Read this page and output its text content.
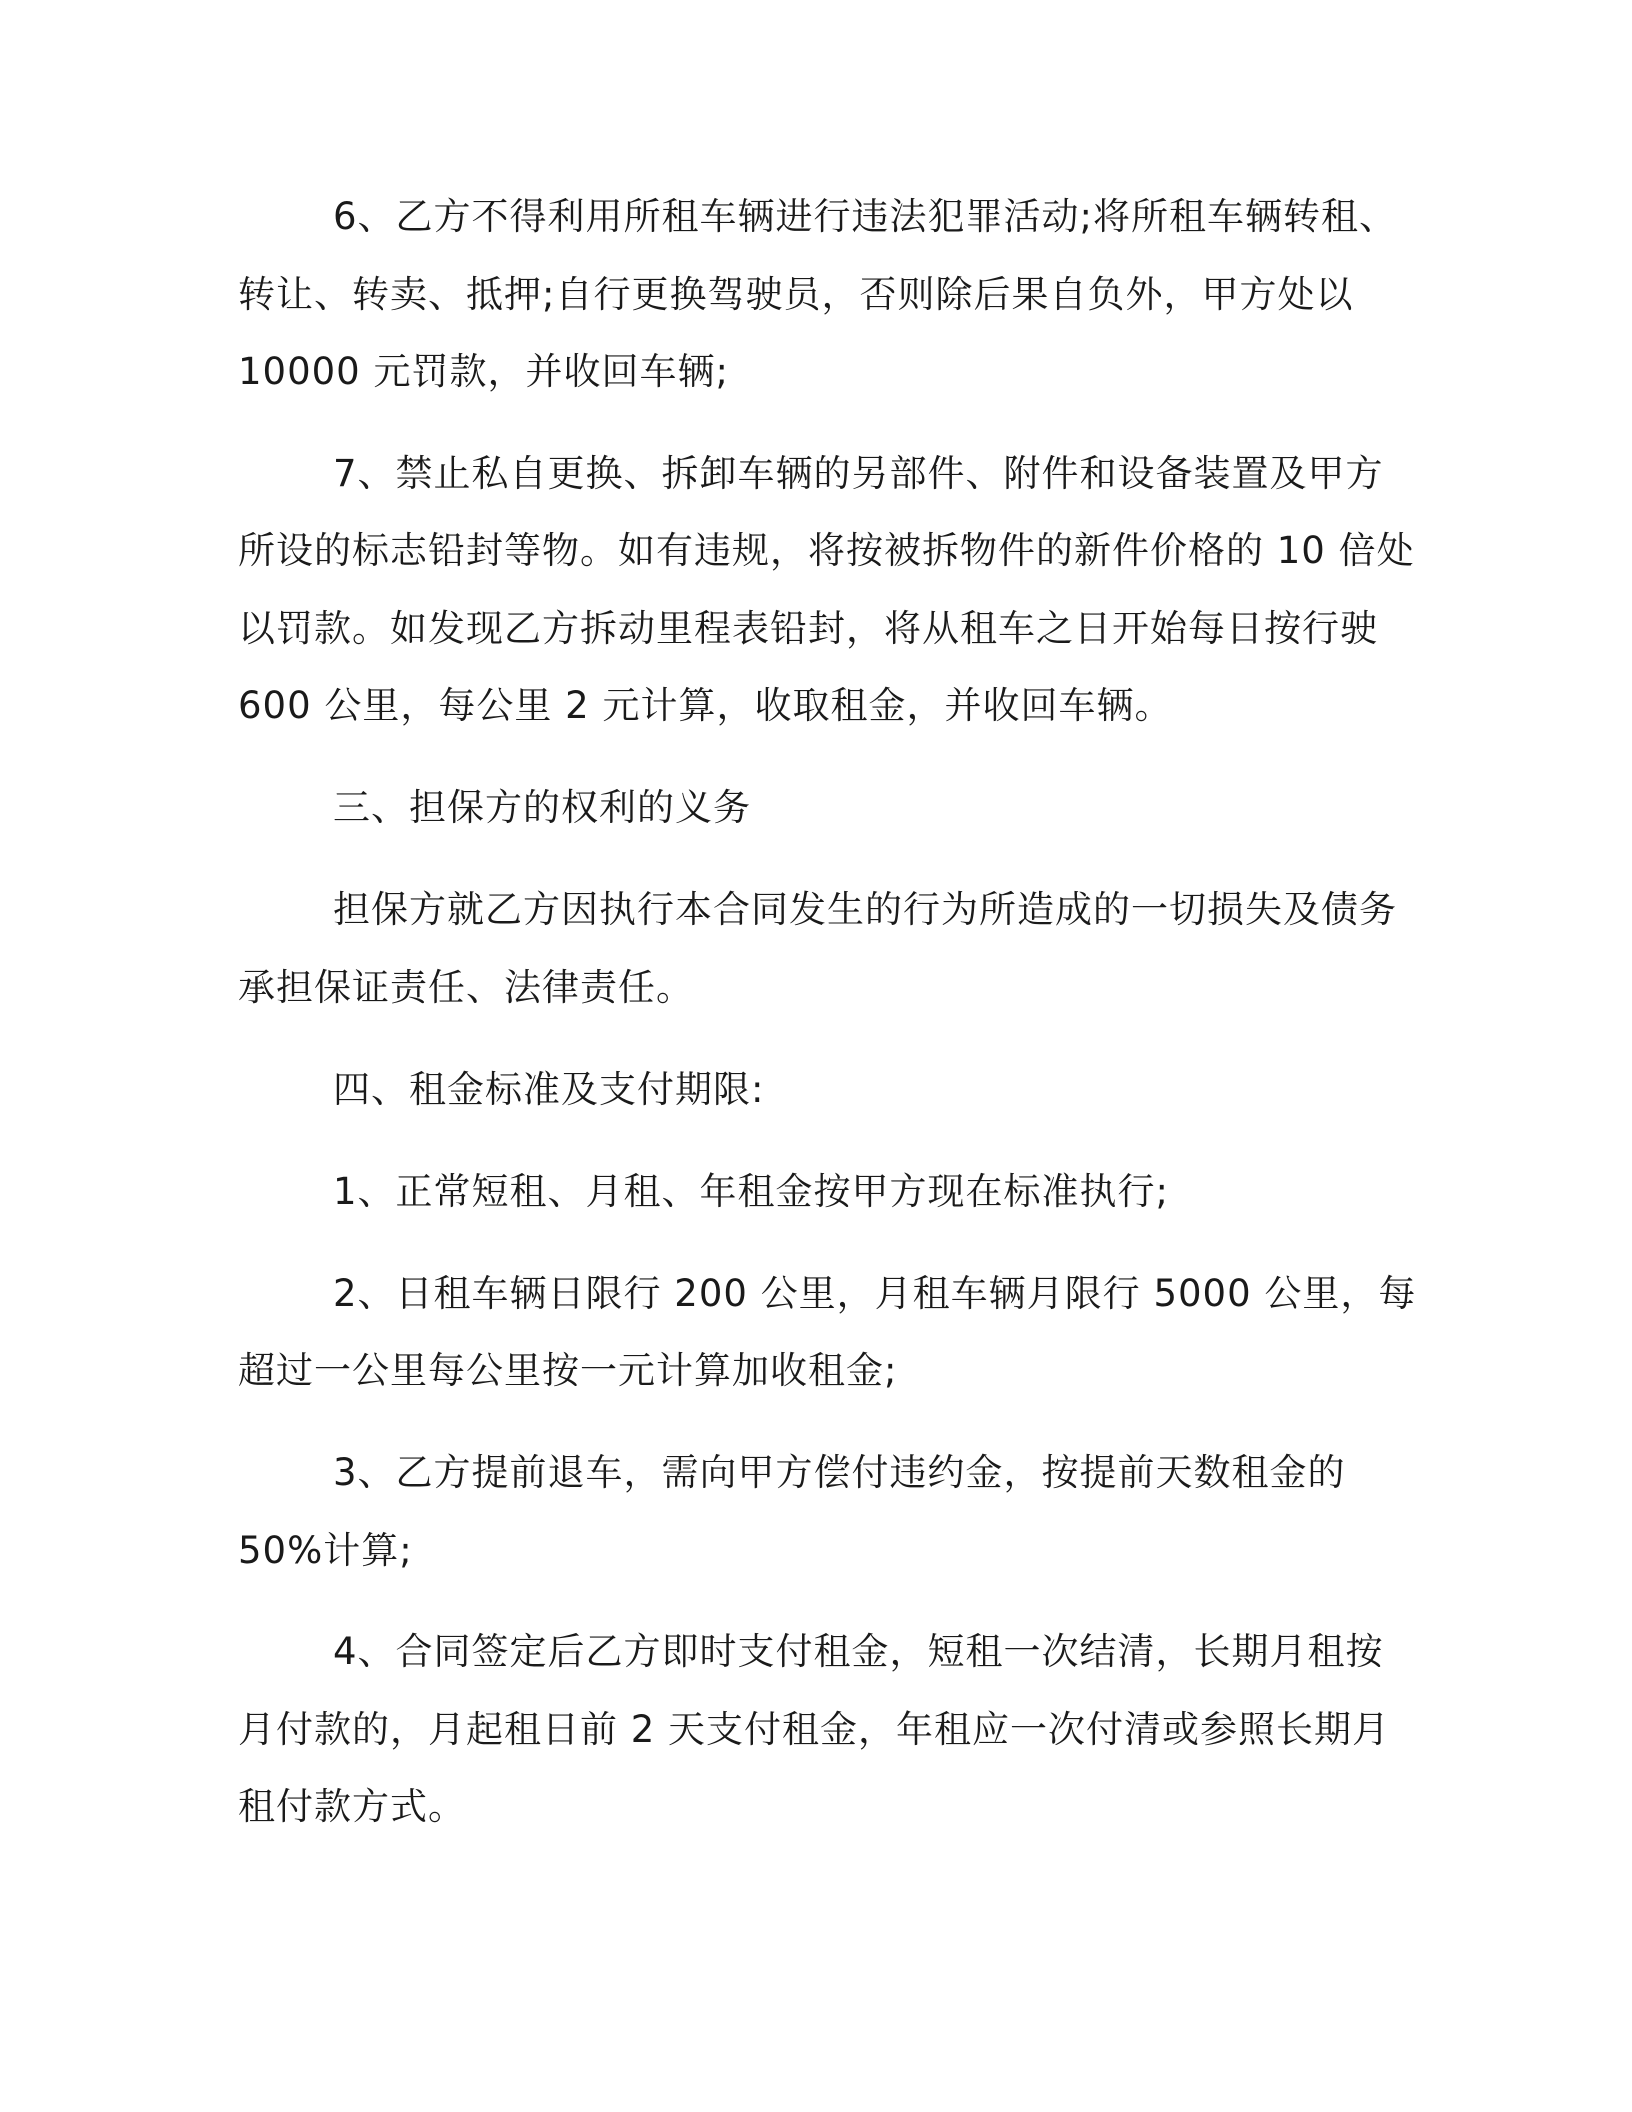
6、乙方不得利用所租车辆进行违法犯罪活动;将所租车辆转租、
转让、转卖、抵押;自行更换驾驶员，否则除后果自负外，甲方处以
10000 元罚款，并收回车辆;
7、禁止私自更换、拆卸车辆的另部件、附件和设备装置及甲方
所设的标志铅封等物。如有违规，将按被拆物件的新件价格的 10 倍处
以罚款。如发现乙方拆动里程表铅封，将从租车之日开始每日按行驶
600 公里，每公里 2 元计算，收取租金，并收回车辆。
三、担保方的权利的义务
担保方就乙方因执行本合同发生的行为所造成的一切损失及债务
承担保证责任、法律责任。
四、租金标准及支付期限:
1、正常短租、月租、年租金按甲方现在标准执行;
2、日租车辆日限行 200 公里，月租车辆月限行 5000 公里，每
超过一公里每公里按一元计算加收租金;
3、乙方提前退车，需向甲方偿付违约金，按提前天数租金的
50%计算;
4、合同签定后乙方即时支付租金，短租一次结清，长期月租按
月付款的，月起租日前 2 天支付租金，年租应一次付清或参照长期月
租付款方式。
